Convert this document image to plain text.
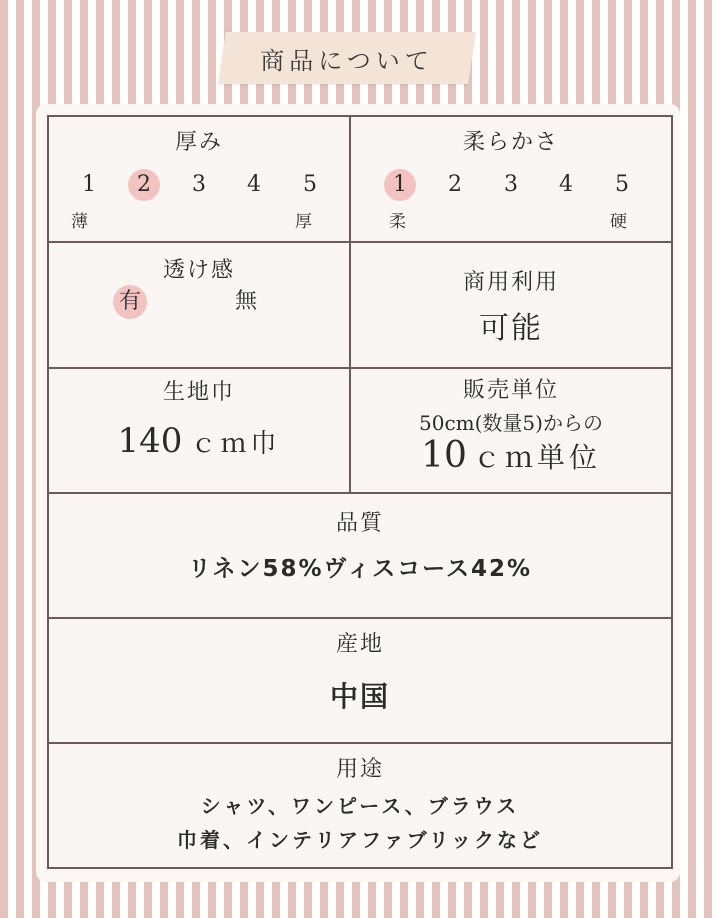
商品について
厚み
1	2	3	4	5
薄	厚
柔らかさ
1	2	3	4	5
柔	硬
透け感
有	無
商用利用
可能
生地巾
140 ｃｍ巾
販売単位
50cm(数量5)からの
10 ｃｍ単位
品質
リネン58%ヴィスコース42%
産地
中国
用途
シャツ、ワンピース、ブラウス
巾着、インテリアファブリックなど
